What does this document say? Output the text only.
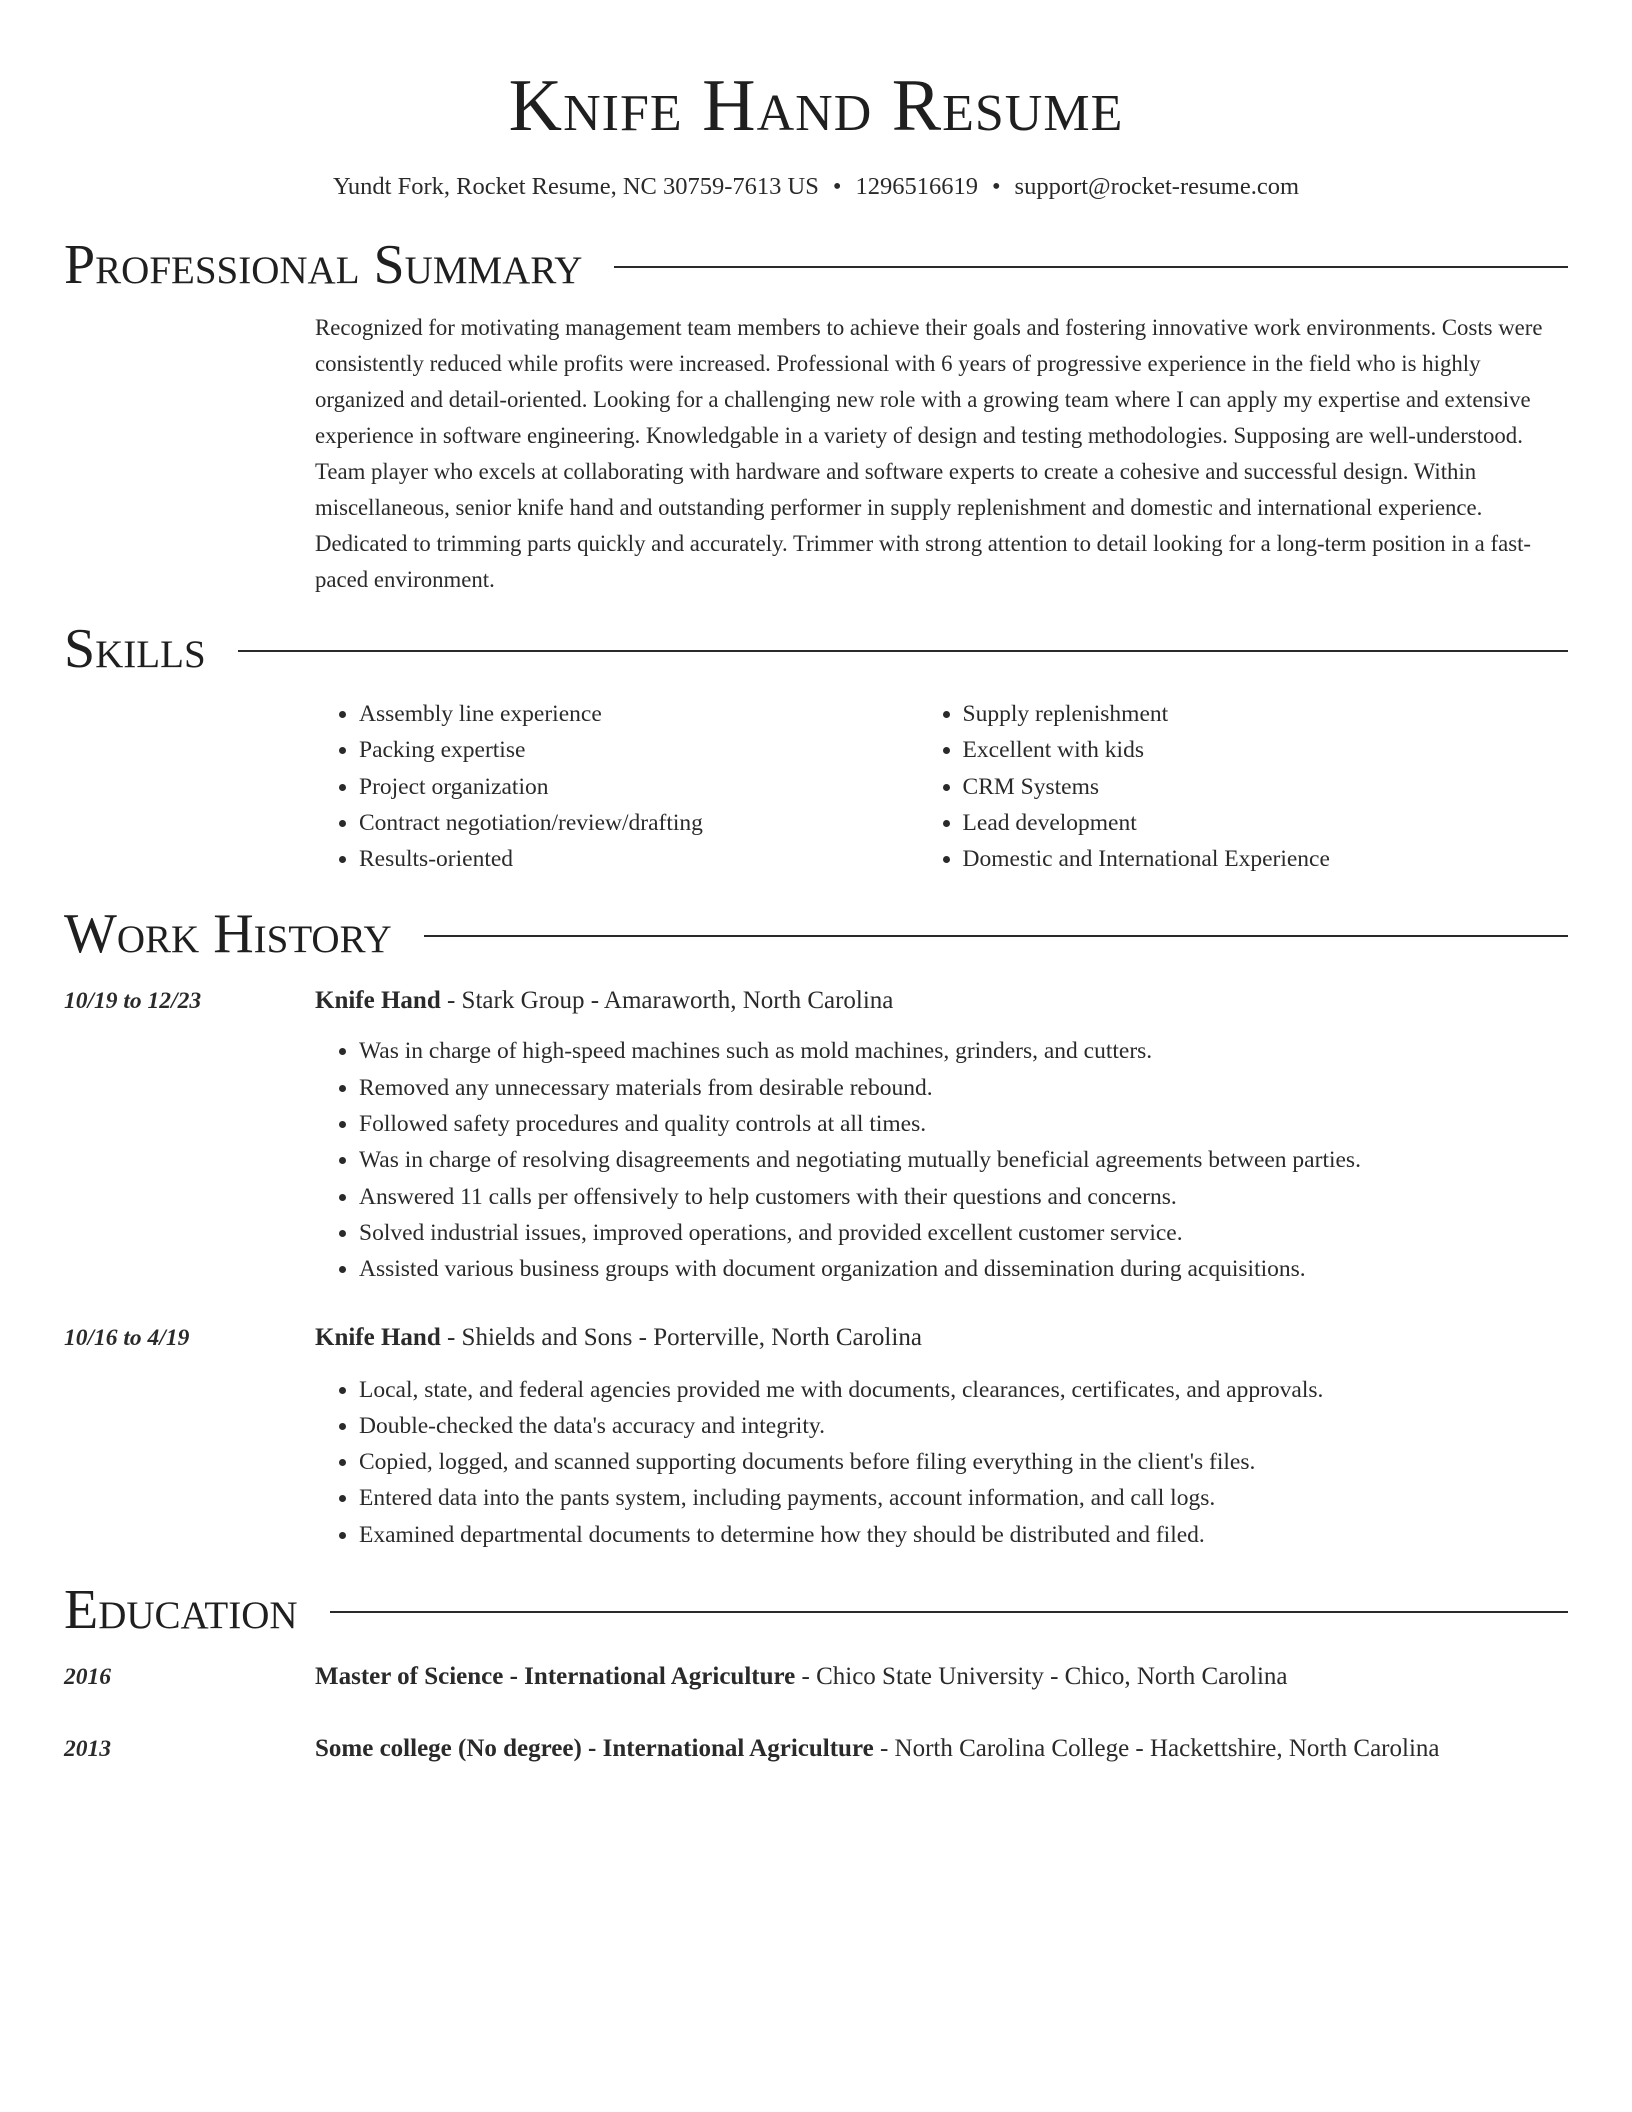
Knife Hand Resume
Yundt Fork, Rocket Resume, NC 30759-7613 US • 1296516619 • support@rocket-resume.com
Professional Summary
Recognized for motivating management team members to achieve their goals and fostering innovative work environments. Costs were consistently reduced while profits were increased. Professional with 6 years of progressive experience in the field who is highly organized and detail-oriented. Looking for a challenging new role with a growing team where I can apply my expertise and extensive experience in software engineering. Knowledgable in a variety of design and testing methodologies. Supposing are well-understood. Team player who excels at collaborating with hardware and software experts to create a cohesive and successful design. Within miscellaneous, senior knife hand and outstanding performer in supply replenishment and domestic and international experience. Dedicated to trimming parts quickly and accurately. Trimmer with strong attention to detail looking for a long-term position in a fast-paced environment.
Skills
• Assembly line experience
• Packing expertise
• Project organization
• Contract negotiation/review/drafting
• Results-oriented
• Supply replenishment
• Excellent with kids
• CRM Systems
• Lead development
• Domestic and International Experience
Work History
10/19 to 12/23	Knife Hand - Stark Group - Amaraworth, North Carolina
• Was in charge of high-speed machines such as mold machines, grinders, and cutters.
• Removed any unnecessary materials from desirable rebound.
• Followed safety procedures and quality controls at all times.
• Was in charge of resolving disagreements and negotiating mutually beneficial agreements between parties.
• Answered 11 calls per offensively to help customers with their questions and concerns.
• Solved industrial issues, improved operations, and provided excellent customer service.
• Assisted various business groups with document organization and dissemination during acquisitions.
10/16 to 4/19	Knife Hand - Shields and Sons - Porterville, North Carolina
• Local, state, and federal agencies provided me with documents, clearances, certificates, and approvals.
• Double-checked the data's accuracy and integrity.
• Copied, logged, and scanned supporting documents before filing everything in the client's files.
• Entered data into the pants system, including payments, account information, and call logs.
• Examined departmental documents to determine how they should be distributed and filed.
Education
2016	Master of Science - International Agriculture - Chico State University - Chico, North Carolina
2013	Some college (No degree) - International Agriculture - North Carolina College - Hackettshire, North Carolina
